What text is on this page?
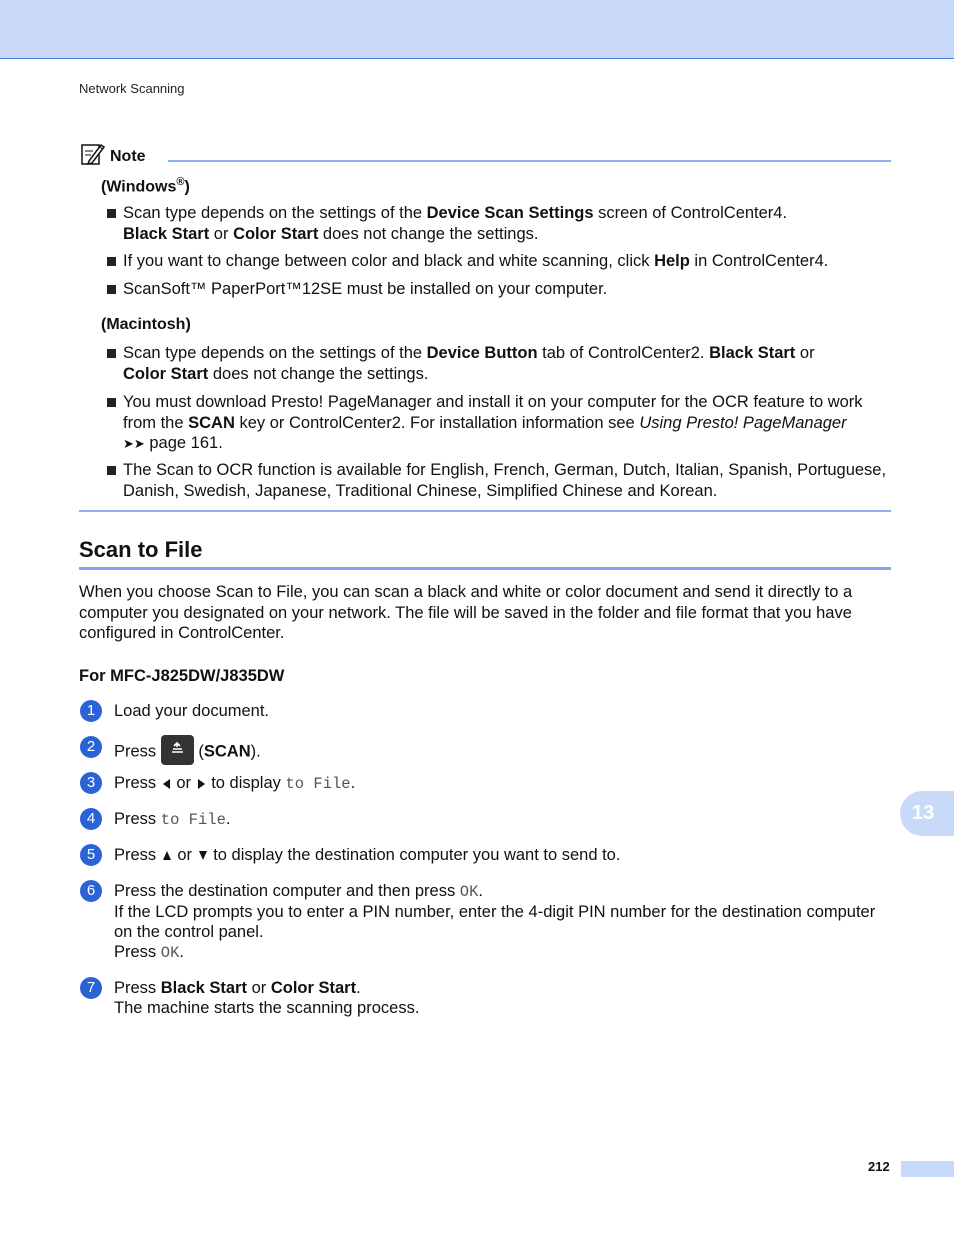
Network Scanning
Note
(Windows®)
Scan type depends on the settings of the Device Scan Settings screen of ControlCenter4.
Black Start or Color Start does not change the settings.
If you want to change between color and black and white scanning, click Help in ControlCenter4.
ScanSoft™ PaperPort™12SE must be installed on your computer.
(Macintosh)
Scan type depends on the settings of the Device Button tab of ControlCenter2. Black Start or
Color Start does not change the settings.
You must download Presto! PageManager and install it on your computer for the OCR feature to work from the SCAN key or ControlCenter2. For installation information see Using Presto! PageManager
➤➤ page 161.
The Scan to OCR function is available for English, French, German, Dutch, Italian, Spanish, Portuguese, Danish, Swedish, Japanese, Traditional Chinese, Simplified Chinese and Korean.
Scan to File
When you choose Scan to File, you can scan a black and white or color document and send it directly to a computer you designated on your network. The file will be saved in the folder and file format that you have configured in ControlCenter.
For MFC-J825DW/J835DW
1	Load your document.
2	Press  (SCAN).
3	Press  or  to display to File.
4	Press to File.
5	Press  or  to display the destination computer you want to send to.
6	Press the destination computer and then press OK.
If the LCD prompts you to enter a PIN number, enter the 4-digit PIN number for the destination computer on the control panel.
Press OK.
7	Press Black Start or Color Start.
The machine starts the scanning process.
13
212
